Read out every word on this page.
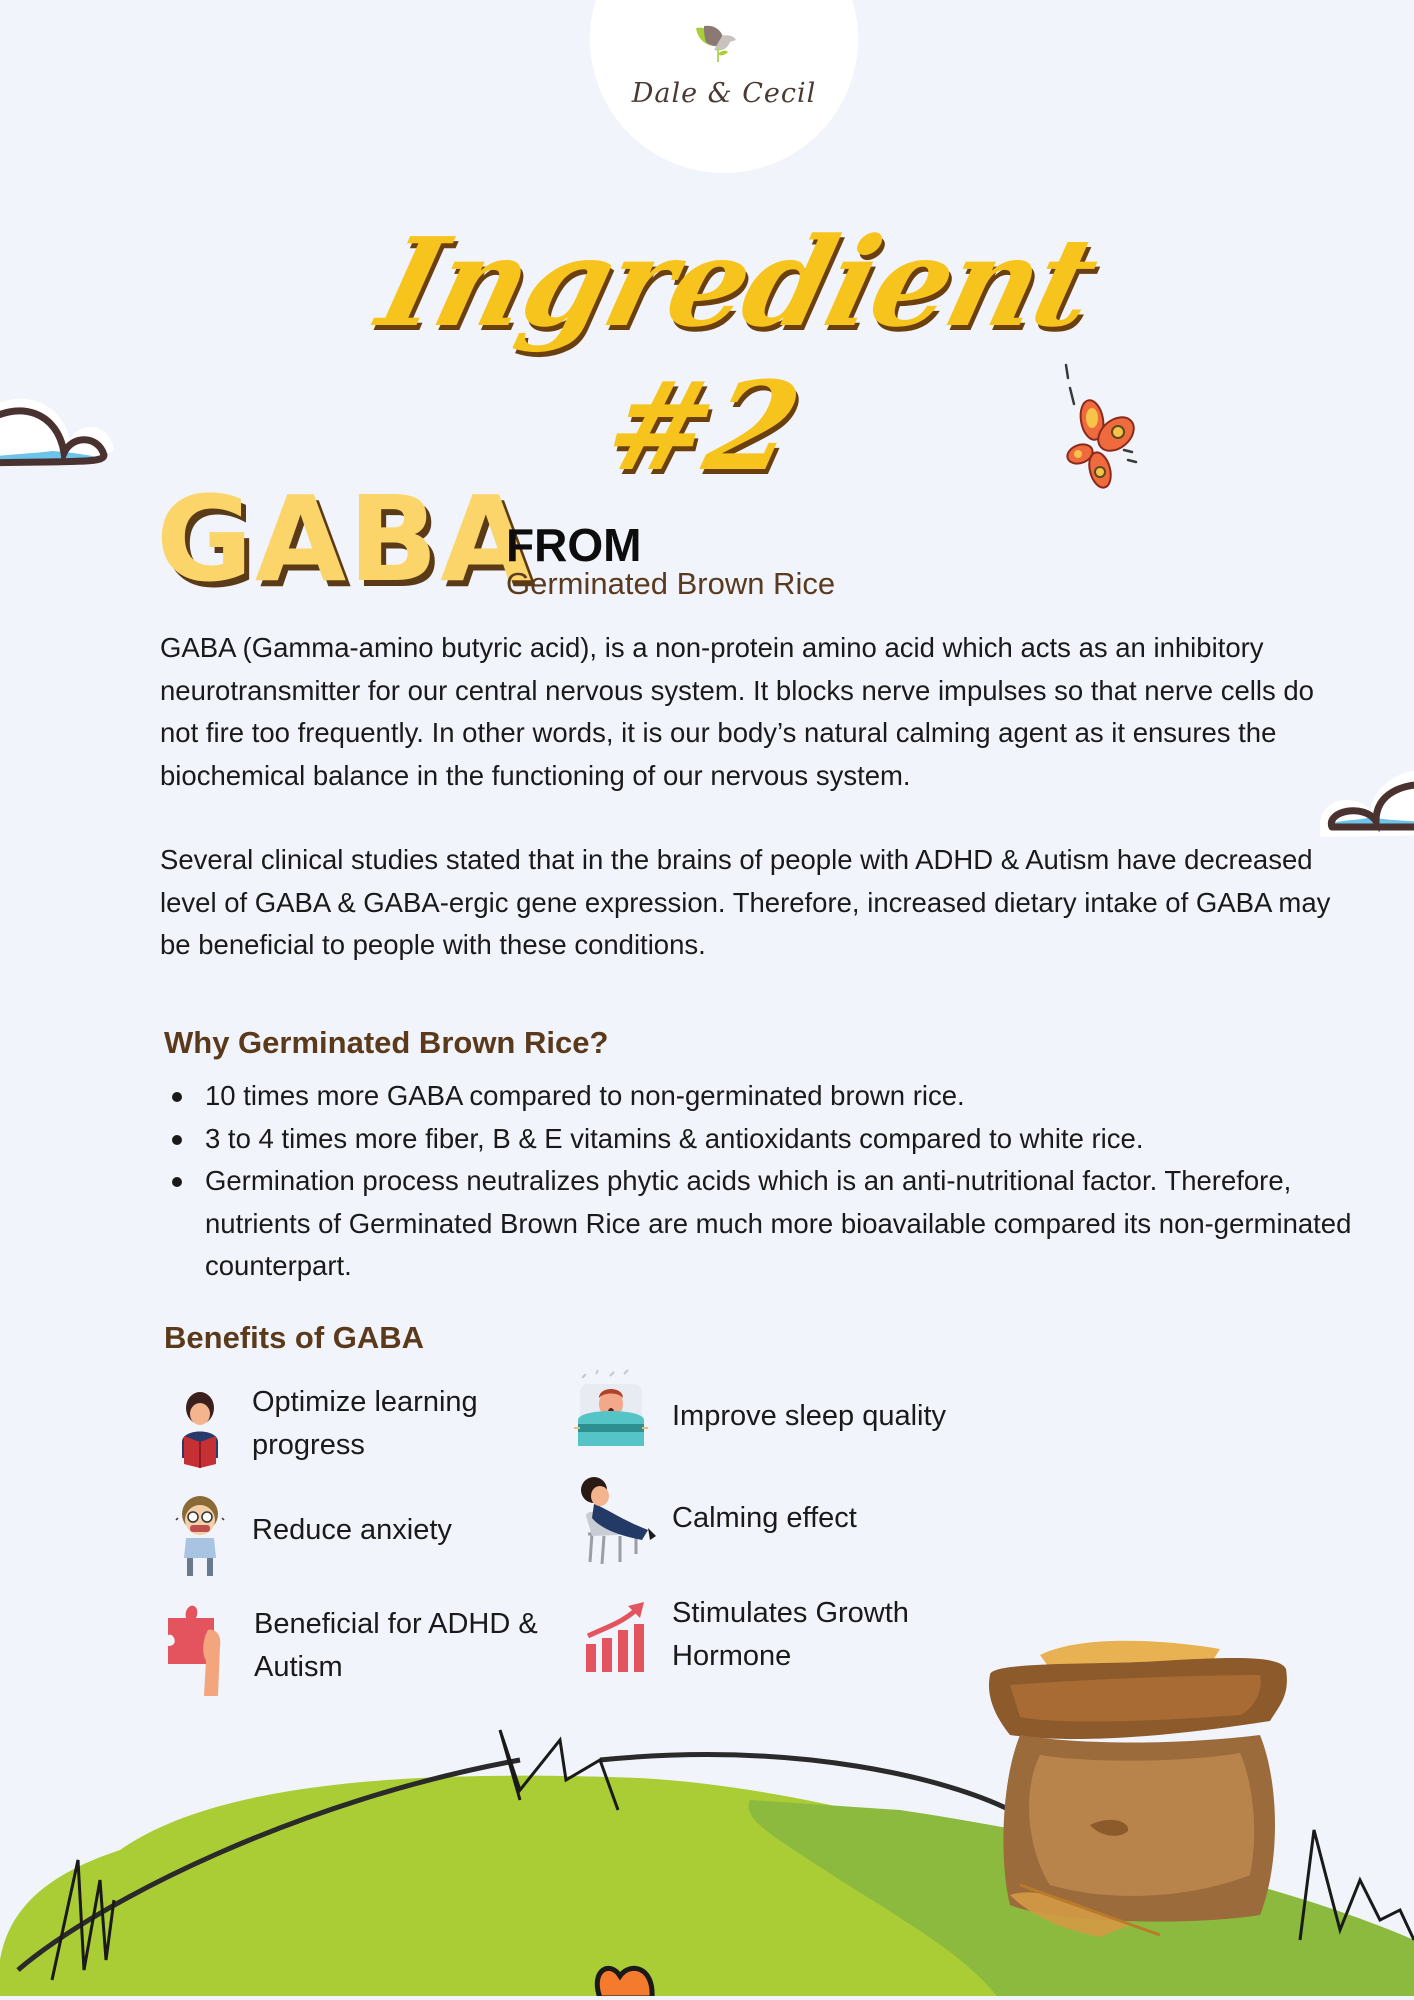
Dale & Cecil
Ingredient #2
GABA
FROM
Germinated Brown Rice
GABA (Gamma-amino butyric acid), is a non-protein amino acid which acts as an inhibitory neurotransmitter for our central nervous system. It blocks nerve impulses so that nerve cells do not fire too frequently. In other words, it is our body’s natural calming agent as it ensures the biochemical balance in the functioning of our nervous system.
Several clinical studies stated that in the brains of people with ADHD & Autism have decreased level of GABA & GABA-ergic gene expression. Therefore, increased dietary intake of GABA may be beneficial to people with these conditions.
Why Germinated Brown Rice?
10 times more GABA compared to non-germinated brown rice.
3 to 4 times more fiber, B & E vitamins & antioxidants compared to white rice.
Germination process neutralizes phytic acids which is an anti-nutritional factor. Therefore, nutrients of Germinated Brown Rice are much more bioavailable compared its non-germinated counterpart.
Benefits of GABA
Optimize learning progress
Improve sleep quality
Reduce anxiety	Calming effect
Beneficial for ADHD & Autism
Stimulates Growth Hormone
